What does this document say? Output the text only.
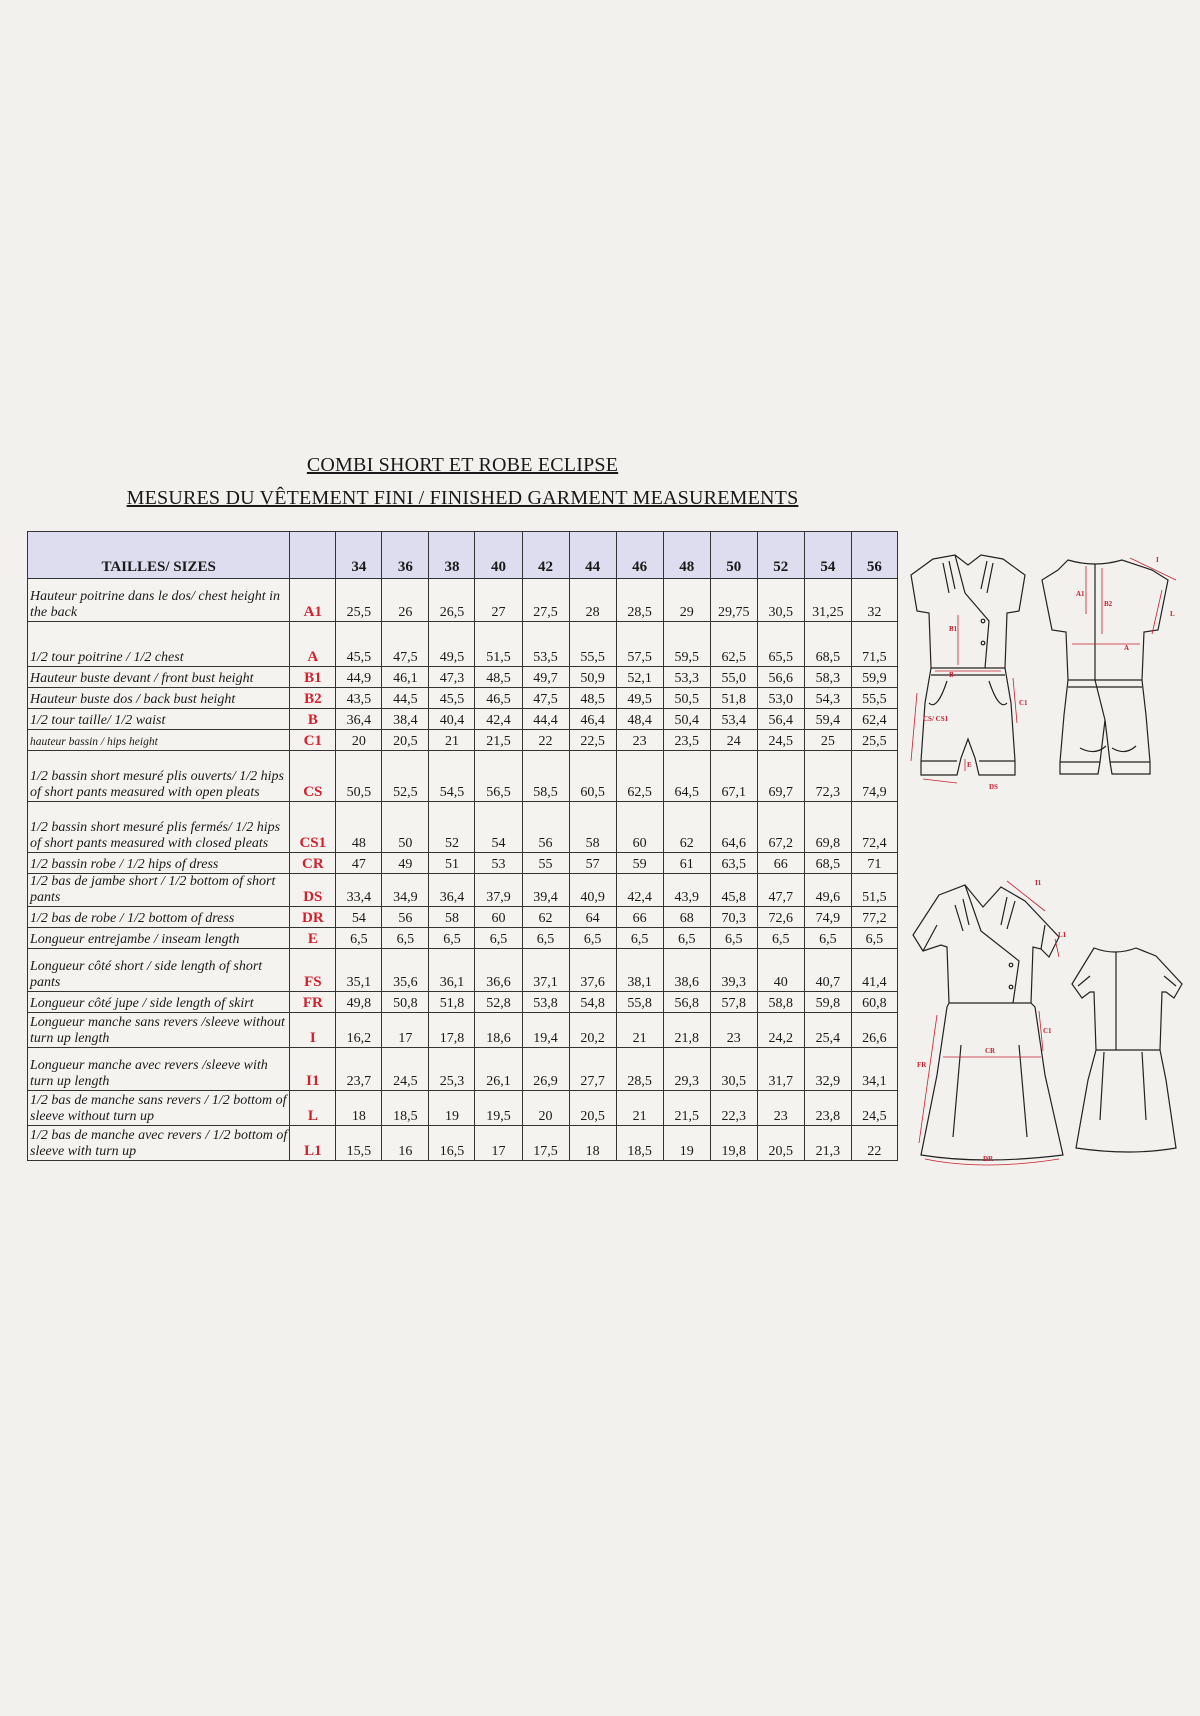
COMBI SHORT ET ROBE ECLIPSE
MESURES DU VÊTEMENT FINI / FINISHED GARMENT MEASUREMENTS
TAILLES/ SIZES		34	36	38	40	42	44	46	48	50	52	54	56
Hauteur poitrine dans le dos/ chest height in the back	A1	25,5	26	26,5	27	27,5	28	28,5	29	29,75	30,5	31,25	32
1/2 tour poitrine / 1/2 chest	A	45,5	47,5	49,5	51,5	53,5	55,5	57,5	59,5	62,5	65,5	68,5	71,5
Hauteur buste devant / front bust height	B1	44,9	46,1	47,3	48,5	49,7	50,9	52,1	53,3	55,0	56,6	58,3	59,9
Hauteur buste dos / back bust height	B2	43,5	44,5	45,5	46,5	47,5	48,5	49,5	50,5	51,8	53,0	54,3	55,5
1/2 tour taille/ 1/2 waist	B	36,4	38,4	40,4	42,4	44,4	46,4	48,4	50,4	53,4	56,4	59,4	62,4
hauteur bassin / hips height	C1	20	20,5	21	21,5	22	22,5	23	23,5	24	24,5	25	25,5
1/2 bassin short mesuré plis ouverts/ 1/2 hips of short pants measured with open pleats	CS	50,5	52,5	54,5	56,5	58,5	60,5	62,5	64,5	67,1	69,7	72,3	74,9
1/2 bassin short mesuré plis fermés/ 1/2 hips of short pants measured with closed pleats	CS1	48	50	52	54	56	58	60	62	64,6	67,2	69,8	72,4
1/2 bassin robe / 1/2 hips of dress	CR	47	49	51	53	55	57	59	61	63,5	66	68,5	71
1/2 bas de jambe short / 1/2 bottom of short pants	DS	33,4	34,9	36,4	37,9	39,4	40,9	42,4	43,9	45,8	47,7	49,6	51,5
1/2 bas de robe / 1/2 bottom of dress	DR	54	56	58	60	62	64	66	68	70,3	72,6	74,9	77,2
Longueur entrejambe / inseam length	E	6,5	6,5	6,5	6,5	6,5	6,5	6,5	6,5	6,5	6,5	6,5	6,5
Longueur côté short / side length of short pants	FS	35,1	35,6	36,1	36,6	37,1	37,6	38,1	38,6	39,3	40	40,7	41,4
Longueur côté jupe / side length of skirt	FR	49,8	50,8	51,8	52,8	53,8	54,8	55,8	56,8	57,8	58,8	59,8	60,8
Longueur manche sans revers /sleeve without turn up length	I	16,2	17	17,8	18,6	19,4	20,2	21	21,8	23	24,2	25,4	26,6
Longueur manche avec revers /sleeve with turn up length	I1	23,7	24,5	25,3	26,1	26,9	27,7	28,5	29,3	30,5	31,7	32,9	34,1
1/2 bas de manche sans revers / 1/2 bottom of sleeve without turn up	L	18	18,5	19	19,5	20	20,5	21	21,5	22,3	23	23,8	24,5
1/2 bas de manche avec revers / 1/2 bottom of sleeve with turn up	L1	15,5	16	16,5	17	17,5	18	18,5	19	19,8	20,5	21,3	22
B1
B
C1
CS/ CS1
E
DS
A1
B2
A
I
L
I1
L1
C1
CR
FR
DR
